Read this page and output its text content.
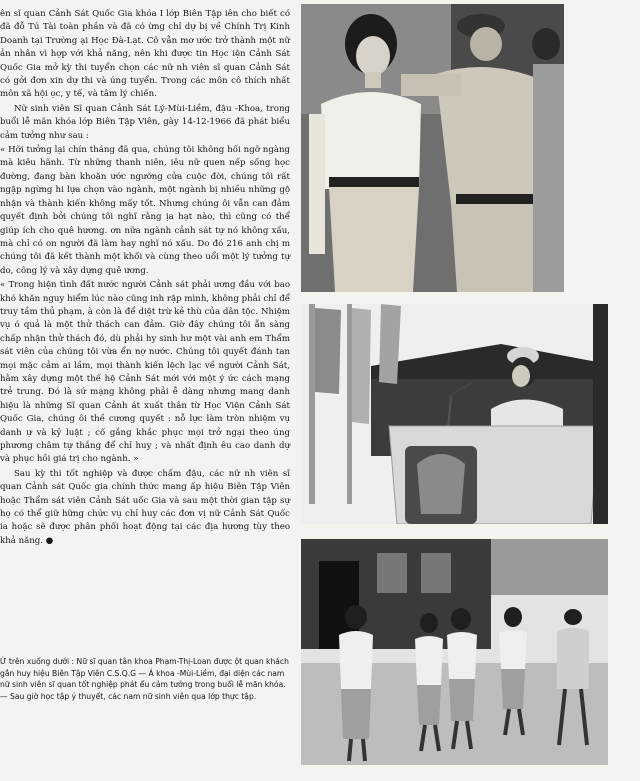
ên sĩ quan Cảnh Sát Quốc Gia khóa I lớp Biên Tập iên cho biết có đã đỗ Tú Tài toàn phần và đã có ừng chỉ dự bị về Chính Trị Kinh Doanh tại Trường ại Học Đà-Lạt. Cô vẫn mơ ước trở thành một nữ ản nhân vì hợp với khả năng, nên khi được tin Học iện Cảnh Sát Quốc Gia mở kỳ thi tuyển chọn các nữ nh viên sĩ quan Cảnh Sát có gởi đơn xin dự thi và úng tuyển. Trong các môn cô thích nhất môn xã hội ọc, y tế, và tâm lý chiến.

Nữ sinh viên Sĩ quan Cảnh Sát Lý-Mùi-Liềm, đậu -Khoa, trong buổi lễ mãn khóa lớp Biên Tập Viên, gày 14-12-1966 đã phát biểu cảm tưởng như sau :

« Hỡi tưởng lại chín tháng đã qua, chúng tôi không hối ngỡ ngàng mà kiêu hãnh. Từ những thanh niên, iêu nữ quen nếp sống học đường, đang bàn khoăn ước ngưỡng cửa cuộc đời, chúng tôi rất ngập ngừng hi lựa chọn vào ngành, một ngành bị nhiều những gộ nhận và thành kiến không mấy tốt. Nhưng chúng ôi vẫn can đảm quyết định bởi chúng tôi nghĩ rằng ịa hạt nào, thì cũng có thể giúp ích cho quê hương. ơn nữa ngành cảnh sát tự nó không xấu, mà chỉ có on người đã làm hay nghĩ nó xấu. Do đó 216 anh chị m chúng tôi đã kết thành một khối và cùng theo uổi một lý tưởng tự do, công lý và xây dựng quê ương.

« Trong hiện tình đất nước người Cảnh sát phải ương đầu với bao khó khăn nguy hiểm lúc nào cũng inh rập mình, không phải chỉ để truy tầm thủ phạm, à còn là để diệt trừ kẻ thù của dân tộc. Nhiệm vụ ó quả là một thử thách can đảm. Giờ đây chúng tôi ẵn sàng chấp nhận thử thách đó, dù phải hy sinh hư một vài anh em Thẩm sát viên của chúng tôi vừa ển nợ nước. Chúng tôi quyết đánh tan mọi mặc cảm ai lầm, mọi thành kiến lệch lạc về người Cảnh Sát, hằm xây dựng một thế hệ Cảnh Sát mới với một ý ức cách mạng trẻ trung. Đó là sứ mạng không phải ễ dàng nhưng mang danh hiệu là những Sĩ quan Cảnh át xuất thân từ Học Viện Cảnh Sát Quốc Gia, chúng ôi thề cương quyết : nỗ lực làm tròn nhiệm vụ danh ự và kỷ luật ; cố gắng khắc phục mọi trở ngại theo úng phương châm tự thắng để chỉ huy ; và nhất định êu cao danh dự và phục hồi giá trị cho ngành. »

Sau kỳ thi tốt nghiệp và được chấm đậu, các nữ nh viên sĩ quan Cảnh sát Quốc gia chính thức mang ấp hiệu Biên Tập Viên hoặc Thẩm sát viên Cảnh Sát uốc Gia và sau một thời gian tập sự họ có thể giữ hững chức vụ chỉ huy các đơn vị nữ Cảnh Sát Quốc ia hoặc sẽ được phân phối hoạt động tại các địa hương tùy theo khả năng. ●

Ừ trên xuống dưới : Nữ sĩ quan tân khoa Phạm-Thị-Loan được ột quan khách gắn huy hiệu Biên Tập Viên C.S.Q.G — Á khoa -Mùi-Liềm, đại diện các nam nữ sinh viên sĩ quan tốt nghiệp phát ểu cảm tưởng trong buổi lễ mãn khóa. — Sau giờ học tập ý thuyết, các nam nữ sinh viên qua lớp thực tập.
